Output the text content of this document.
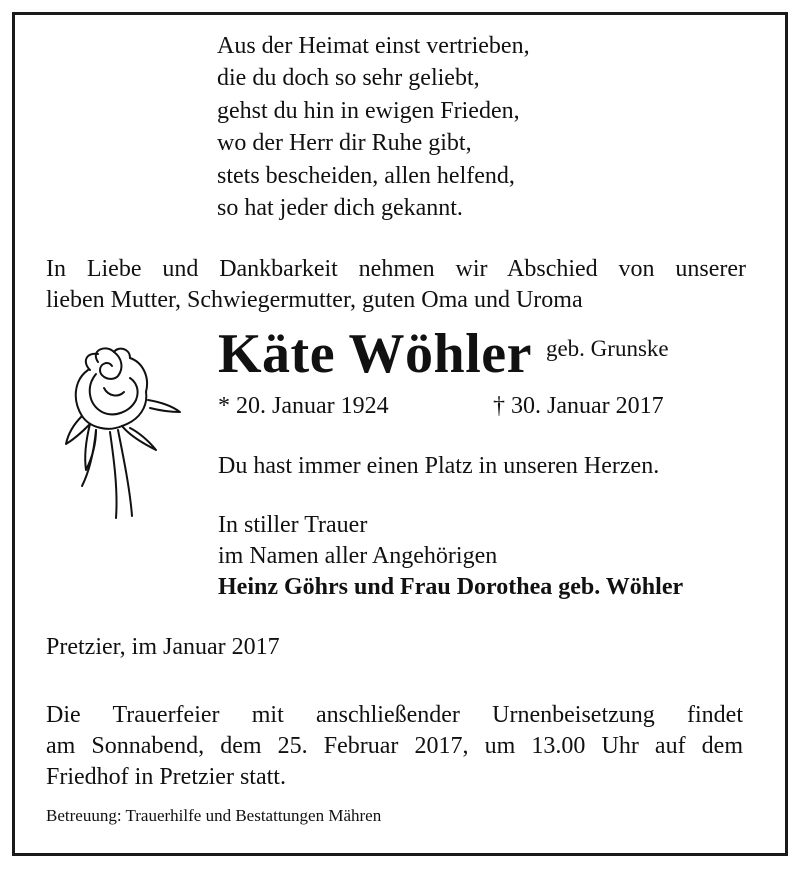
Aus der Heimat einst vertrieben,
die du doch so sehr geliebt,
gehst du hin in ewigen Frieden,
wo der Herr dir Ruhe gibt,
stets bescheiden, allen helfend,
so hat jeder dich gekannt.
In Liebe und Dankbarkeit nehmen wir Abschied von unserer
lieben Mutter, Schwiegermutter, guten Oma und Uroma
Käte Wöhler geb. Grunske
* 20. Januar 1924	† 30. Januar 2017
Du hast immer einen Platz in unseren Herzen.
In stiller Trauer
im Namen aller Angehörigen
Heinz Göhrs und Frau Dorothea geb. Wöhler
Pretzier, im Januar 2017
Die Trauerfeier mit anschließender Urnenbeisetzung findet
am Sonnabend, dem 25. Februar 2017, um 13.00 Uhr auf dem
Friedhof in Pretzier statt.
Betreuung: Trauerhilfe und Bestattungen Mähren
